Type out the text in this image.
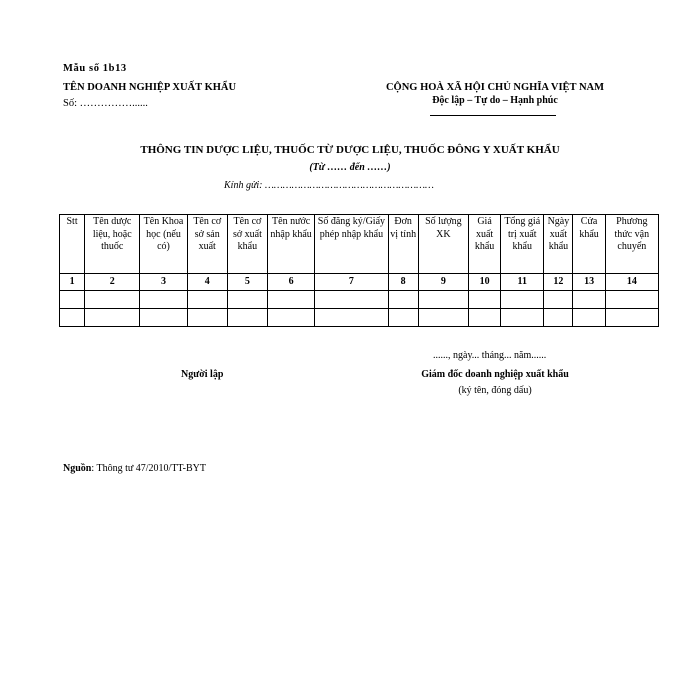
Mẫu số 1b13
TÊN DOANH NGHIỆP XUẤT KHẨU
Số: ……………......
CỘNG HOÀ XÃ HỘI CHỦ NGHĨA VIỆT NAM
Độc lập – Tự do – Hạnh phúc
THÔNG TIN DƯỢC LIỆU, THUỐC TỪ DƯỢC LIỆU, THUỐC ĐÔNG Y XUẤT KHẨU
(Từ …… đến ……)
Kính gửi: …………………………………………………
Stt	Tên dược liệu, hoặc thuốc	Tên Khoa học (nếu có)	Tên cơ sở sản xuất	Tên cơ sở xuất khẩu	Tên nước nhập khẩu	Số đăng ký/Giấy phép nhập khẩu	Đơn vị tính	Số lượng XK	Giá xuất khẩu	Tổng giá trị xuất khẩu	Ngày xuất khẩu	Cửa khẩu	Phương thức vận chuyển
1	2	3	4	5	6	7	8	9	10	11	12	13	14

......, ngày... tháng... năm......
Người lập	Giám đốc doanh nghiệp xuất khẩu
(ký tên, đóng dấu)
Nguồn: Thông tư 47/2010/TT-BYT
